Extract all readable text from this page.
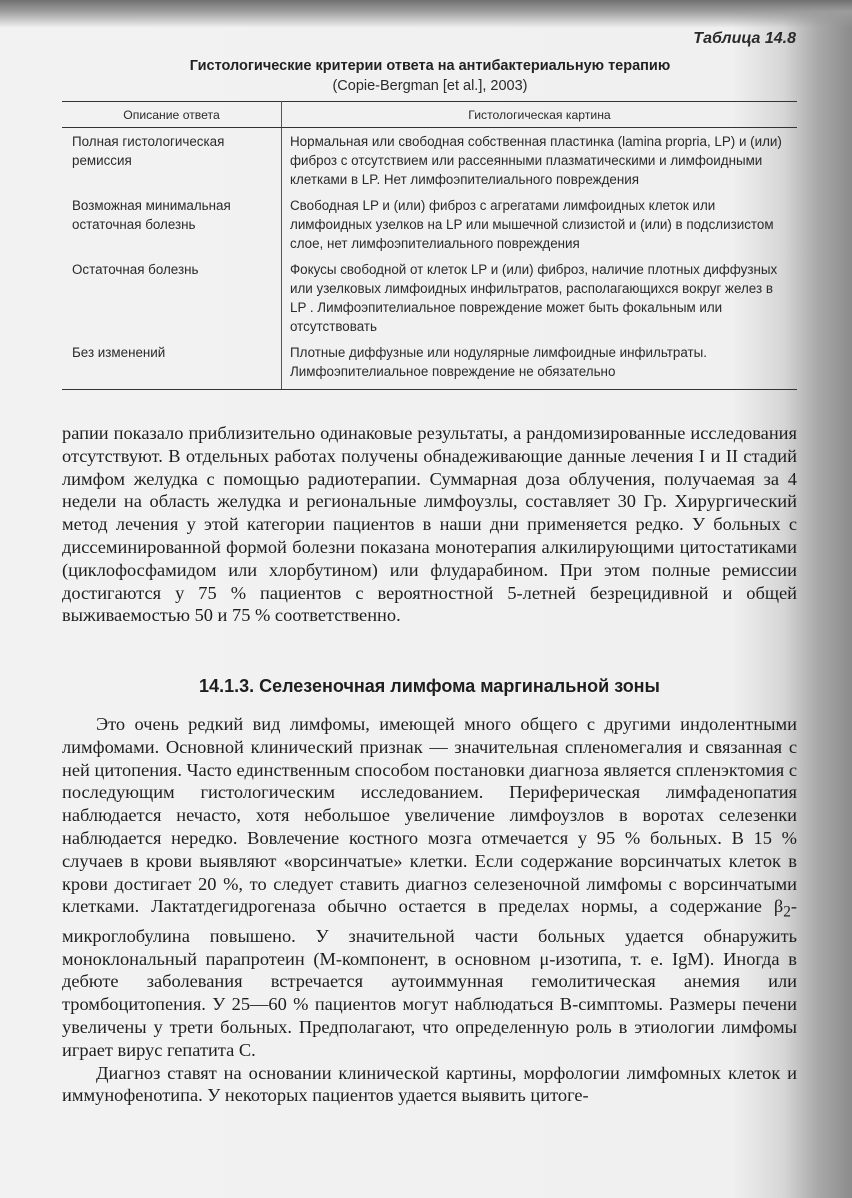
Таблица 14.8
Гистологические критерии ответа на антибактериальную терапию
(Copie-Bergman [et al.], 2003)
Описание ответа	Гистологическая картина
Полная гистологическая ремиссия	Нормальная или свободная собственная пластинка (lamina propria, LP) и (или) фиброз с отсутствием или рассеянными плазматическими и лимфоидными клетками в LP. Нет лимфоэпителиального повреждения
Возможная минимальная остаточная болезнь	Свободная LP и (или) фиброз с агрегатами лимфоидных клеток или лимфоидных узелков на LP или мышечной слизистой и (или) в подслизистом слое, нет лимфоэпителиального повреждения
Остаточная болезнь	Фокусы свободной от клеток LP и (или) фиброз, наличие плотных диффузных или узелковых лимфоидных инфильтратов, располагающихся вокруг желез в LP . Лимфоэпителиальное повреждение может быть фокальным или отсутствовать
Без изменений	Плотные диффузные или нодулярные лимфоидные инфильтраты. Лимфоэпителиальное повреждение не обязательно

рапии показало приблизительно одинаковые результаты, а рандомизированные исследования отсутствуют. В отдельных работах получены обнадеживающие данные лечения I и II стадий лимфом желудка с помощью радиотерапии. Суммарная доза облучения, получаемая за 4 недели на область желудка и региональные лимфоузлы, составляет 30 Гр. Хирургический метод лечения у этой категории пациентов в наши дни применяется редко. У больных с диссеминированной формой болезни показана монотерапия алкилирующими цитостатиками (циклофосфамидом или хлорбутином) или флударабином. При этом полные ремиссии достигаются у 75 % пациентов с вероятностной 5-летней безрецидивной и общей выживаемостью 50 и 75 % соответственно.

14.1.3. Селезеночная лимфома маргинальной зоны

Это очень редкий вид лимфомы, имеющей много общего с другими индолентными лимфомами. Основной клинический признак — значительная спленомегалия и связанная с ней цитопения. Часто единственным способом постановки диагноза является спленэктомия с последующим гистологическим исследованием. Периферическая лимфаденопатия наблюдается нечасто, хотя небольшое увеличение лимфоузлов в воротах селезенки наблюдается нередко. Вовлечение костного мозга отмечается у 95 % больных. В 15 % случаев в крови выявляют «ворсинчатые» клетки. Если содержание ворсинчатых клеток в крови достигает 20 %, то следует ставить диагноз селезеночной лимфомы с ворсинчатыми клетками. Лактатдегидрогеназа обычно остается в пределах нормы, а содержание $\beta_2$-микроглобулина повышено. У значительной части больных удается обнаружить моноклональный парапротеин (М-компонент, в основном μ-изотипа, т. е. IgM). Иногда в дебюте заболевания встречается аутоиммунная гемолитическая анемия или тромбоцитопения. У 25—60 % пациентов могут наблюдаться В-симптомы. Размеры печени увеличены у трети больных. Предполагают, что определенную роль в этиологии лимфомы играет вирус гепатита С.

Диагноз ставят на основании клинической картины, морфологии лимфомных клеток и иммунофенотипа. У некоторых пациентов удается выявить цитоге-
